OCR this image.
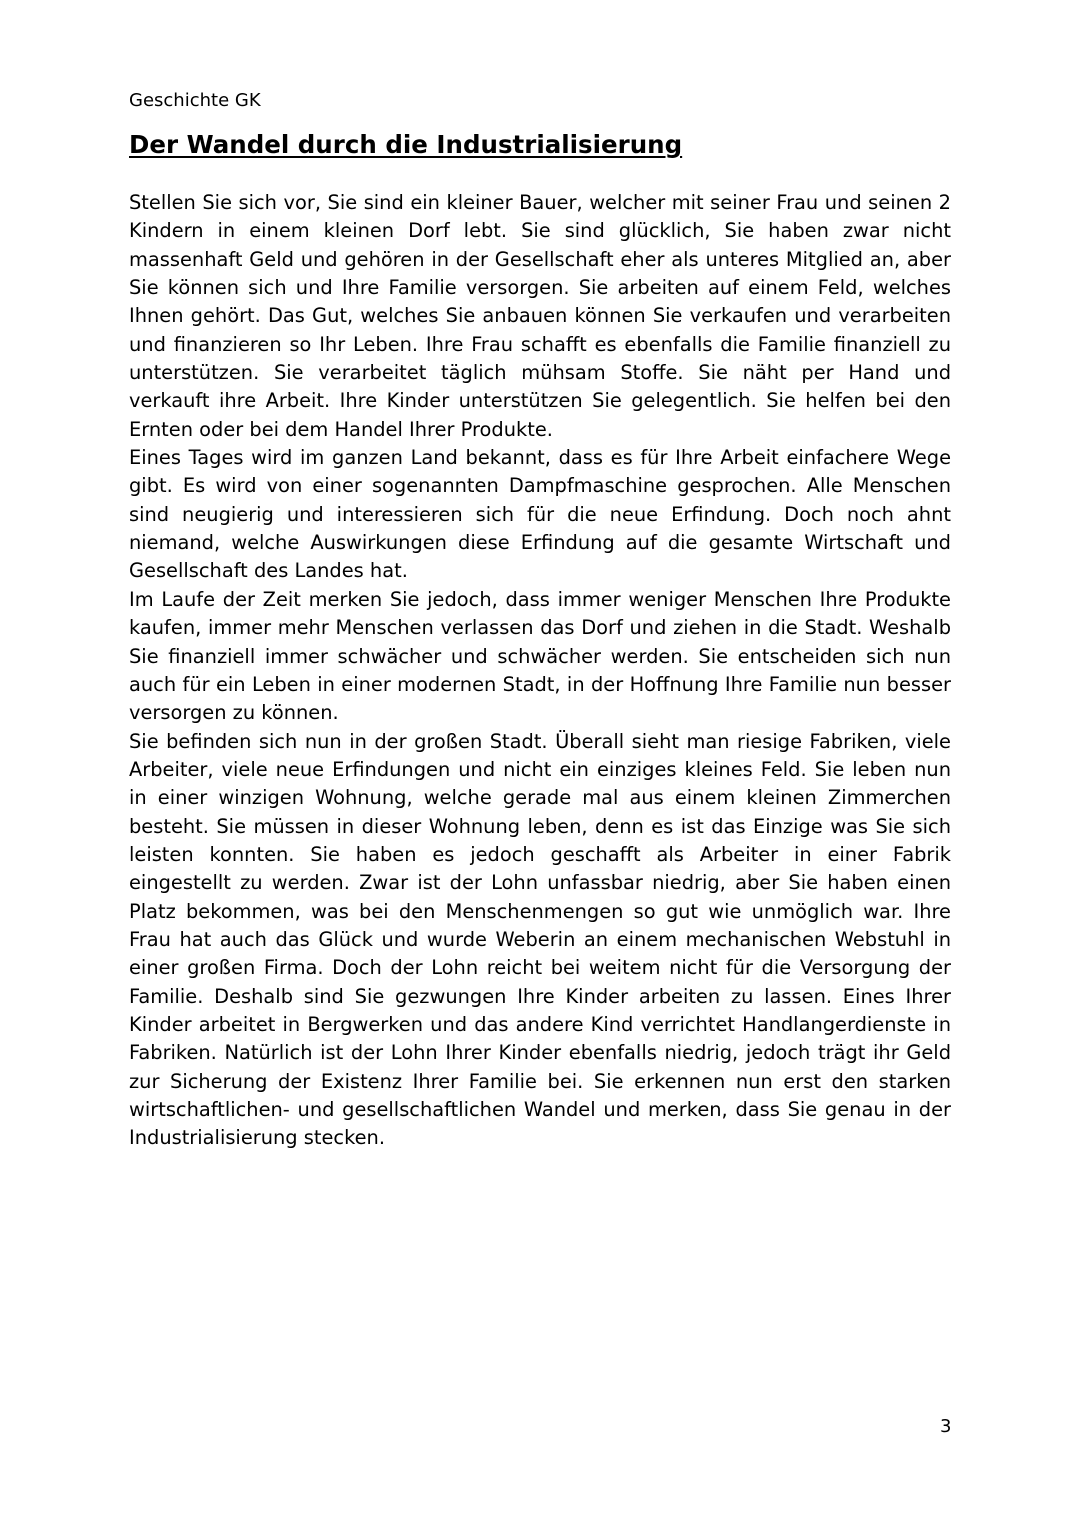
Geschichte GK
Der Wandel durch die Industrialisierung

Stellen Sie sich vor, Sie sind ein kleiner Bauer, welcher mit seiner Frau und seinen 2 Kindern in einem kleinen Dorf lebt. Sie sind glücklich, Sie haben zwar nicht massenhaft Geld und gehören in der Gesellschaft eher als unteres Mitglied an, aber Sie können sich und Ihre Familie versorgen. Sie arbeiten auf einem Feld, welches Ihnen gehört. Das Gut, welches Sie anbauen können Sie verkaufen und verarbeiten und finanzieren so Ihr Leben. Ihre Frau schafft es ebenfalls die Familie finanziell zu unterstützen. Sie verarbeitet täglich mühsam Stoffe. Sie näht per Hand und verkauft ihre Arbeit. Ihre Kinder unterstützen Sie gelegentlich. Sie helfen bei den Ernten oder bei dem Handel Ihrer Produkte.

Eines Tages wird im ganzen Land bekannt, dass es für Ihre Arbeit einfachere Wege gibt. Es wird von einer sogenannten Dampfmaschine gesprochen. Alle Menschen sind neugierig und interessieren sich für die neue Erfindung. Doch noch ahnt niemand, welche Auswirkungen diese Erfindung auf die gesamte Wirtschaft und Gesellschaft des Landes hat.

Im Laufe der Zeit merken Sie jedoch, dass immer weniger Menschen Ihre Produkte kaufen, immer mehr Menschen verlassen das Dorf und ziehen in die Stadt. Weshalb Sie finanziell immer schwächer und schwächer werden. Sie entscheiden sich nun auch für ein Leben in einer modernen Stadt, in der Hoffnung Ihre Familie nun besser versorgen zu können.

Sie befinden sich nun in der großen Stadt. Überall sieht man riesige Fabriken, viele Arbeiter, viele neue Erfindungen und nicht ein einziges kleines Feld. Sie leben nun in einer winzigen Wohnung, welche gerade mal aus einem kleinen Zimmerchen besteht. Sie müssen in dieser Wohnung leben, denn es ist das Einzige was Sie sich leisten konnten. Sie haben es jedoch geschafft als Arbeiter in einer Fabrik eingestellt zu werden. Zwar ist der Lohn unfassbar niedrig, aber Sie haben einen Platz bekommen, was bei den Menschenmengen so gut wie unmöglich war. Ihre Frau hat auch das Glück und wurde Weberin an einem mechanischen Webstuhl in einer großen Firma. Doch der Lohn reicht bei weitem nicht für die Versorgung der Familie. Deshalb sind Sie gezwungen Ihre Kinder arbeiten zu lassen. Eines Ihrer Kinder arbeitet in Bergwerken und das andere Kind verrichtet Handlangerdienste in Fabriken. Natürlich ist der Lohn Ihrer Kinder ebenfalls niedrig, jedoch trägt ihr Geld zur Sicherung der Existenz Ihrer Familie bei. Sie erkennen nun erst den starken wirtschaftlichen- und gesellschaftlichen Wandel und merken, dass Sie genau in der Industrialisierung stecken.

3
